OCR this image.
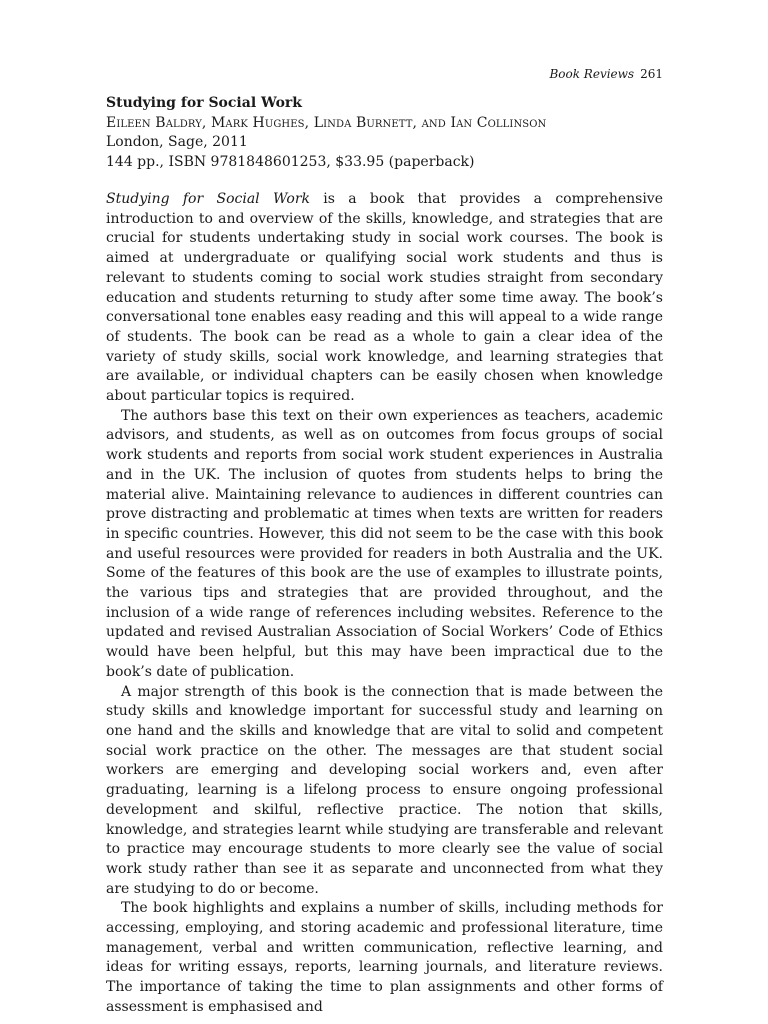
Book Reviews 261
Studying for Social Work
Eileen Baldry, Mark Hughes, Linda Burnett, and Ian Collinson
London, Sage, 2011
144 pp., ISBN 9781848601253, $33.95 (paperback)

Studying for Social Work is a book that provides a comprehensive introduction to and overview of the skills, knowledge, and strategies that are crucial for students undertaking study in social work courses. The book is aimed at undergraduate or qualifying social work students and thus is relevant to students coming to social work studies straight from secondary education and students returning to study after some time away. The book’s conversational tone enables easy reading and this will appeal to a wide range of students. The book can be read as a whole to gain a clear idea of the variety of study skills, social work knowledge, and learning strategies that are available, or individual chapters can be easily chosen when knowledge about particular topics is required.

The authors base this text on their own experiences as teachers, academic advisors, and students, as well as on outcomes from focus groups of social work students and reports from social work student experiences in Australia and in the UK. The inclusion of quotes from students helps to bring the material alive. Maintaining relevance to audiences in different countries can prove distracting and problematic at times when texts are written for readers in specific countries. However, this did not seem to be the case with this book and useful resources were provided for readers in both Australia and the UK. Some of the features of this book are the use of examples to illustrate points, the various tips and strategies that are provided throughout, and the inclusion of a wide range of references including websites. Reference to the updated and revised Australian Association of Social Workers’ Code of Ethics would have been helpful, but this may have been impractical due to the book’s date of publication.

A major strength of this book is the connection that is made between the study skills and knowledge important for successful study and learning on one hand and the skills and knowledge that are vital to solid and competent social work practice on the other. The messages are that student social workers are emerging and developing social workers and, even after graduating, learning is a lifelong process to ensure ongoing professional development and skilful, reflective practice. The notion that skills, knowledge, and strategies learnt while studying are transferable and relevant to practice may encourage students to more clearly see the value of social work study rather than see it as separate and unconnected from what they are studying to do or become.

The book highlights and explains a number of skills, including methods for accessing, employing, and storing academic and professional literature, time management, verbal and written communication, reflective learning, and ideas for writing essays, reports, learning journals, and literature reviews. The importance of taking the time to plan assignments and other forms of assessment is emphasised and
